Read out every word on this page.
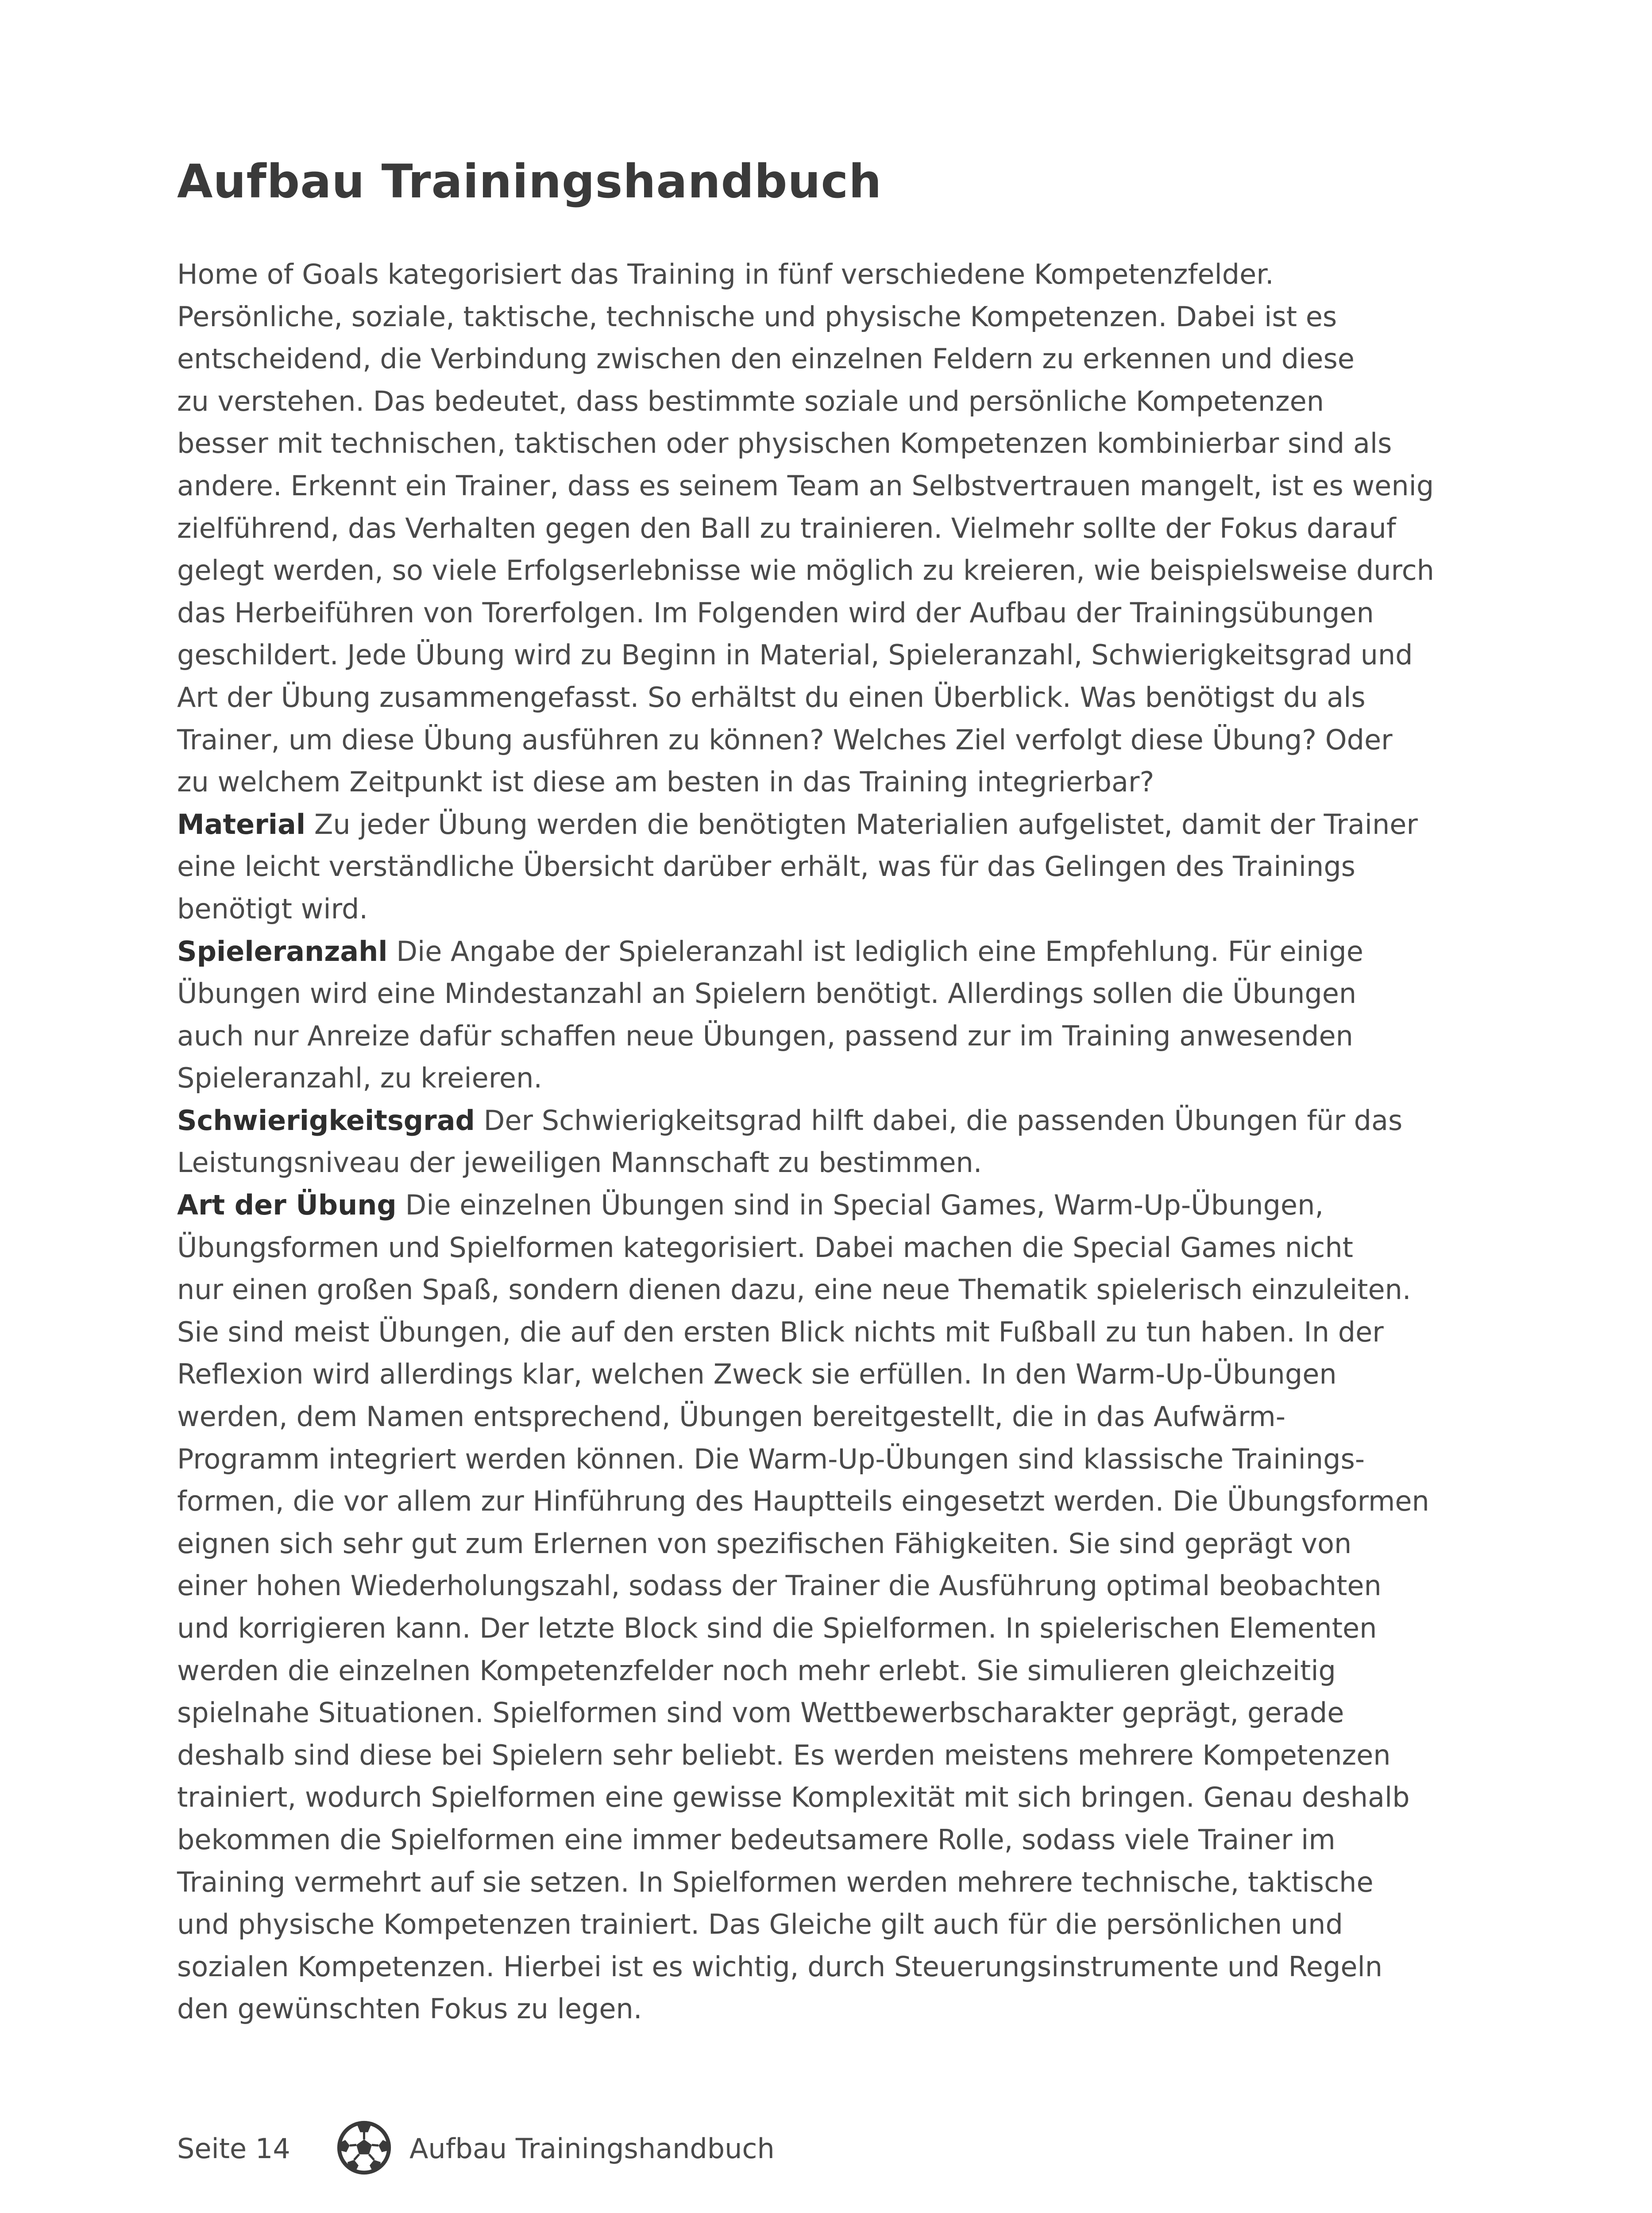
Aufbau Trainingshandbuch
Home of Goals kategorisiert das Training in fünf verschiedene Kompetenzfelder.
Persönliche, soziale, taktische, technische und physische Kompetenzen. Dabei ist es
entscheidend, die Verbindung zwischen den einzelnen Feldern zu erkennen und diese
zu verstehen. Das bedeutet, dass bestimmte soziale und persönliche Kompetenzen
besser mit technischen, taktischen oder physischen Kompetenzen kombinierbar sind als
andere. Erkennt ein Trainer, dass es seinem Team an Selbstvertrauen mangelt, ist es wenig
zielführend, das Verhalten gegen den Ball zu trainieren. Vielmehr sollte der Fokus darauf
gelegt werden, so viele Erfolgserlebnisse wie möglich zu kreieren, wie beispielsweise durch
das Herbeiführen von Torerfolgen. Im Folgenden wird der Aufbau der Trainingsübungen
geschildert. Jede Übung wird zu Beginn in Material, Spieleranzahl, Schwierigkeitsgrad und
Art der Übung zusammengefasst. So erhältst du einen Überblick. Was benötigst du als
Trainer, um diese Übung ausführen zu können? Welches Ziel verfolgt diese Übung? Oder
zu welchem Zeitpunkt ist diese am besten in das Training integrierbar?
Material Zu jeder Übung werden die benötigten Materialien aufgelistet, damit der Trainer
eine leicht verständliche Übersicht darüber erhält, was für das Gelingen des Trainings
benötigt wird.
Spieleranzahl Die Angabe der Spieleranzahl ist lediglich eine Empfehlung. Für einige
Übungen wird eine Mindestanzahl an Spielern benötigt. Allerdings sollen die Übungen
auch nur Anreize dafür schaffen neue Übungen, passend zur im Training anwesenden
Spieleranzahl, zu kreieren.
Schwierigkeitsgrad Der Schwierigkeitsgrad hilft dabei, die passenden Übungen für das
Leistungsniveau der jeweiligen Mannschaft zu bestimmen.
Art der Übung Die einzelnen Übungen sind in Special Games, Warm-Up-Übungen,
Übungsformen und Spielformen kategorisiert. Dabei machen die Special Games nicht
nur einen großen Spaß, sondern dienen dazu, eine neue Thematik spielerisch einzuleiten.
Sie sind meist Übungen, die auf den ersten Blick nichts mit Fußball zu tun haben. In der
Reflexion wird allerdings klar, welchen Zweck sie erfüllen. In den Warm-Up-Übungen
werden, dem Namen entsprechend, Übungen bereitgestellt, die in das Aufwärm-
Programm integriert werden können. Die Warm-Up-Übungen sind klassische Trainings-
formen, die vor allem zur Hinführung des Hauptteils eingesetzt werden. Die Übungsformen
eignen sich sehr gut zum Erlernen von spezifischen Fähigkeiten. Sie sind geprägt von
einer hohen Wiederholungszahl, sodass der Trainer die Ausführung optimal beobachten
und korrigieren kann. Der letzte Block sind die Spielformen. In spielerischen Elementen
werden die einzelnen Kompetenzfelder noch mehr erlebt. Sie simulieren gleichzeitig
spielnahe Situationen. Spielformen sind vom Wettbewerbscharakter geprägt, gerade
deshalb sind diese bei Spielern sehr beliebt. Es werden meistens mehrere Kompetenzen
trainiert, wodurch Spielformen eine gewisse Komplexität mit sich bringen. Genau deshalb
bekommen die Spielformen eine immer bedeutsamere Rolle, sodass viele Trainer im
Training vermehrt auf sie setzen. In Spielformen werden mehrere technische, taktische
und physische Kompetenzen trainiert. Das Gleiche gilt auch für die persönlichen und
sozialen Kompetenzen. Hierbei ist es wichtig, durch Steuerungsinstrumente und Regeln
den gewünschten Fokus zu legen.
Seite 14	Aufbau Trainingshandbuch
